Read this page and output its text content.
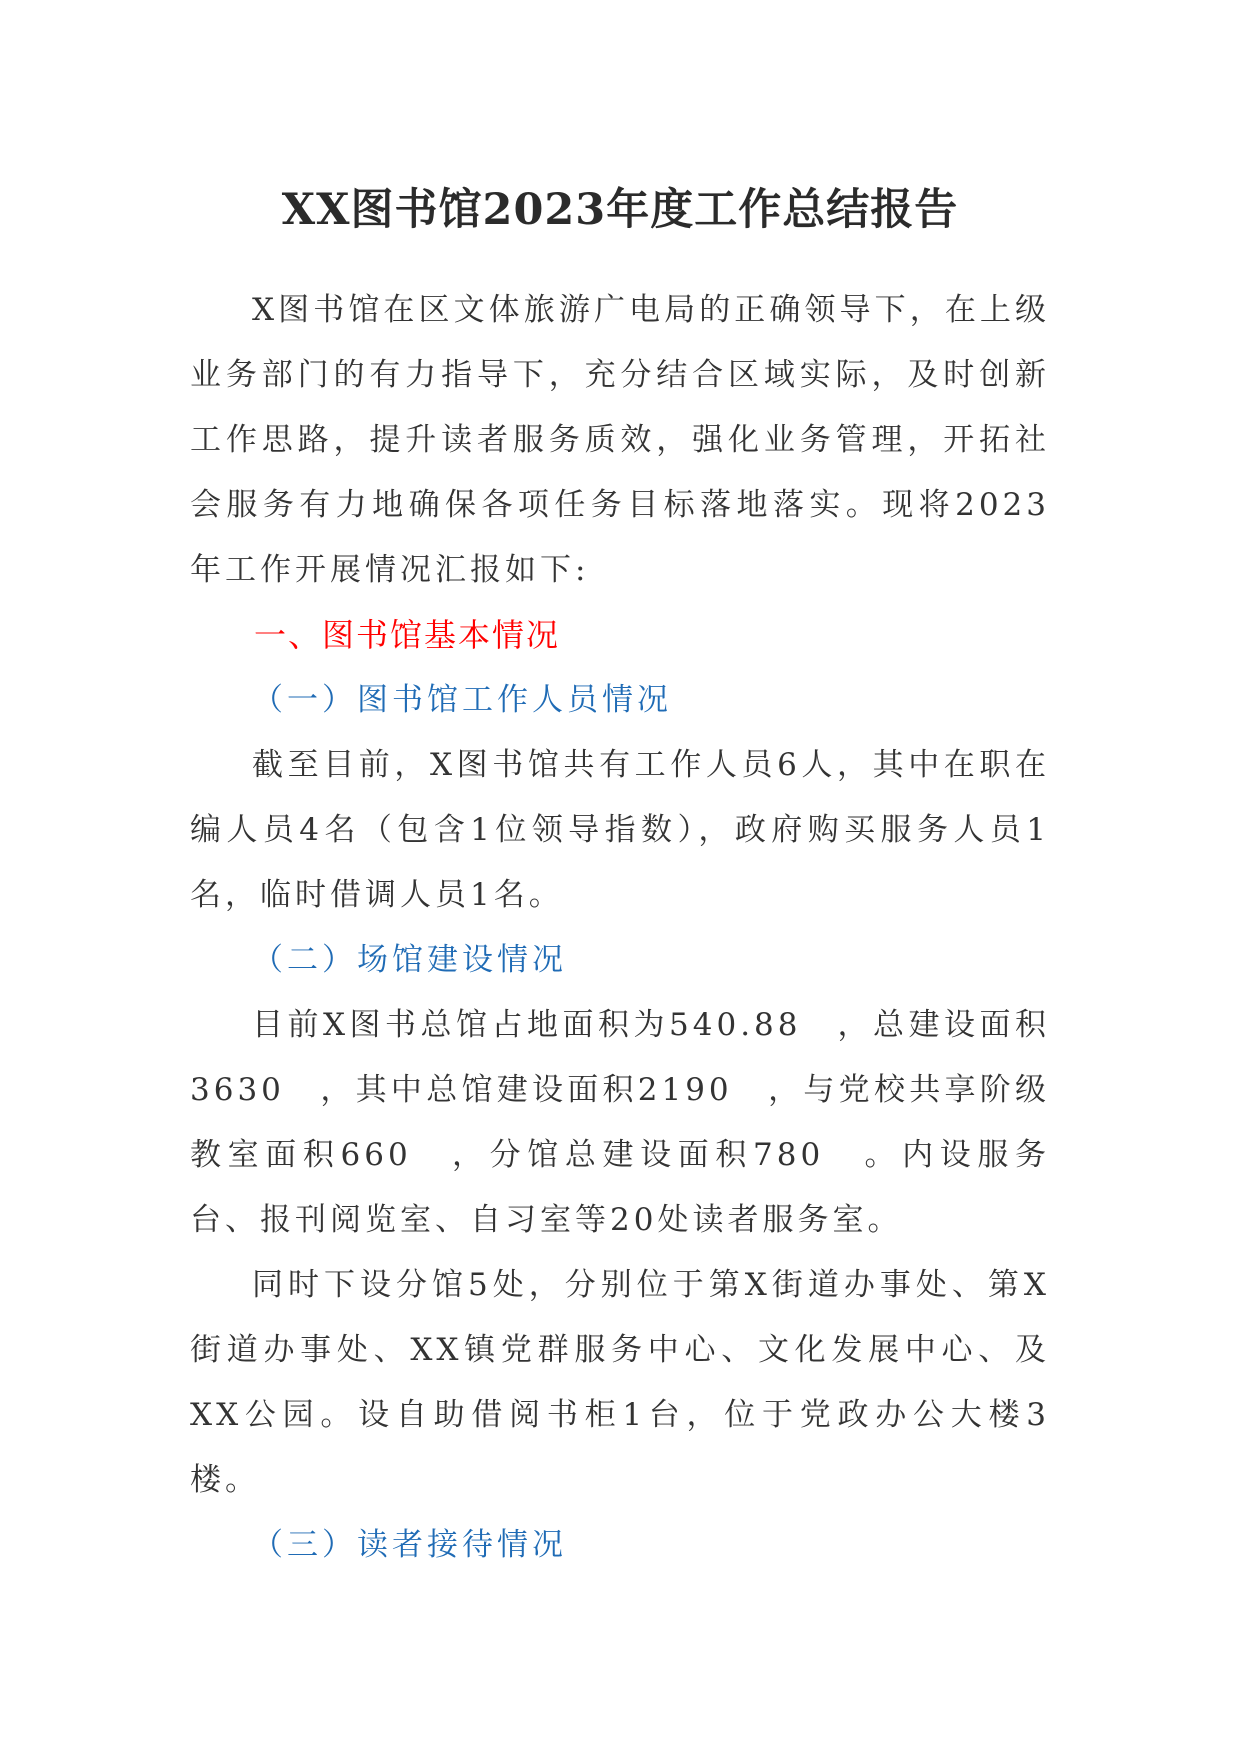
XX图书馆2023年度工作总结报告

X图书馆在区文体旅游广电局的正确领导下，在上级业务部门的有力指导下，充分结合区域实际，及时创新工作思路，提升读者服务质效，强化业务管理，开拓社会服务有力地确保各项任务目标落地落实。现将2023年工作开展情况汇报如下:

一、图书馆基本情况

（一）图书馆工作人员情况

截至目前，X图书馆共有工作人员6人，其中在职在编人员4名（包含1位领导指数），政府购买服务人员1名，临时借调人员1名。

（二）场馆建设情况

目前X图书总馆占地面积为540.88　，总建设面积3630　，其中总馆建设面积2190　，与党校共享阶级教室面积660　，分馆总建设面积780　。内设服务台、报刊阅览室、自习室等20处读者服务室。

同时下设分馆5处，分别位于第X街道办事处、第X街道办事处、XX镇党群服务中心、文化发展中心、及XX公园。设自助借阅书柜1台，位于党政办公大楼3楼。

（三）读者接待情况
